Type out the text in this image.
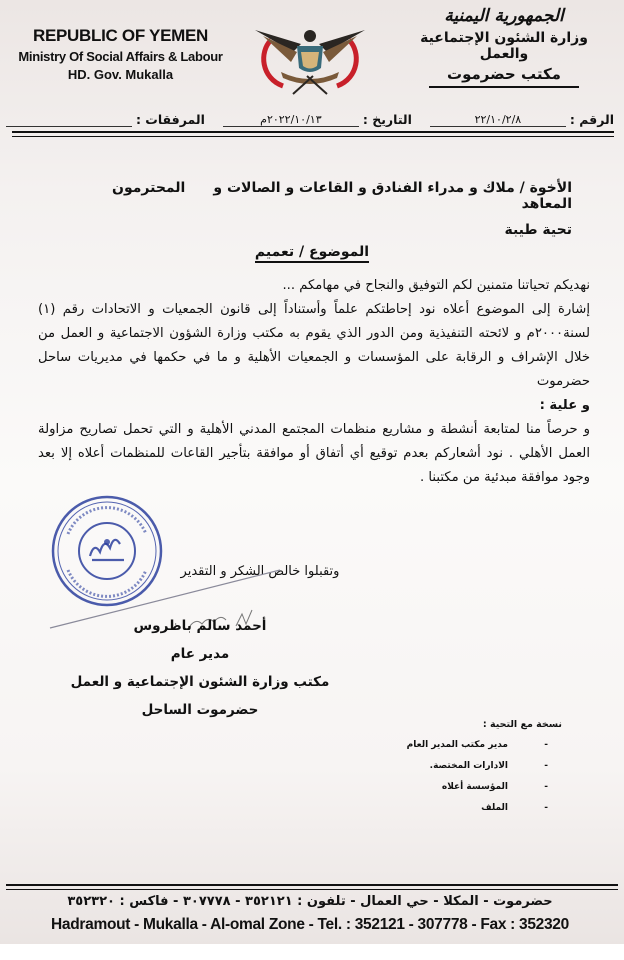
REPUBLIC OF YEMEN
Ministry Of Social Affairs & Labour
HD. Gov. Mukalla
الجمهورية اليمنية
وزارة الشئون الإجتماعية والعمل
مكتب حضرموت
الرقم :
٢٢/١٠/٢/٨
التاريخ :
٢٠٢٢/١٠/١٣م
المرفقات :
الأخوة / ملاك و مدراء الفنادق و القاعات و الصالات و المعاهد
المحترمون
تحية طيبة
الموضوع / تعميم

نهديكم تحياتنا متمنين لكم التوفيق والنجاح في مهامكم ...

إشارة إلى الموضوع أعلاه نود إحاطتكم علماً وأستناداً إلى قانون الجمعيات و الاتحادات رقم (١) لسنة٢٠٠٠م و لائحته التنفيذية ومن الدور الذي يقوم به مكتب وزارة الشؤون الاجتماعية و العمل من خلال الإشراف و الرقابة على المؤسسات و الجمعيات الأهلية و ما في حكمها في مديريات ساحل حضرموت

و علية :

و حرصاً منا لمتابعة أنشطة و مشاريع منظمات المجتمع المدني الأهلية و التي تحمل تصاريح مزاولة العمل الأهلي . نود أشعاركم بعدم توقيع أي أتفاق أو موافقة بتأجير القاعات للمنظمات أعلاه إلا بعد وجود موافقة مبدئية من مكتبنا .

وتقبلوا خالص الشكر و التقدير
أحمد سالم باظروس
مدير عام
مكتب وزارة الشئون الإجتماعية و العمل
حضرموت الساحل
نسخة مع التحية :
-
مدير مكتب المدير العام
-
الادارات المختصة.
-
المؤسسة أعلاه
-
الملف
حضرموت - المكلا - حي العمال - تلفون : ٣٥٢١٢١ - ٣٠٧٧٧٨ - فاكس : ٣٥٢٣٢٠
Hadramout - Mukalla - Al-omal Zone - Tel. : 352121 - 307778 - Fax : 352320
